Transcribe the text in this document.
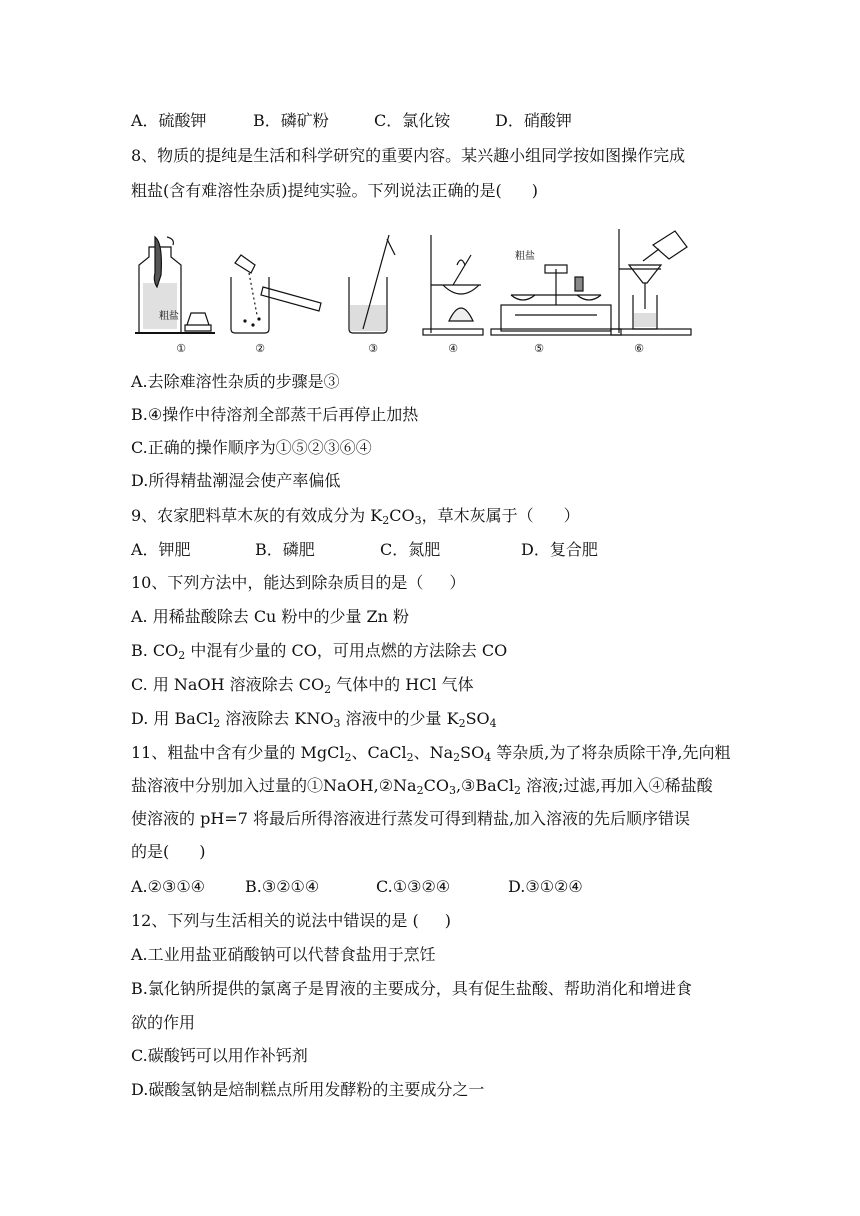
A．硫酸钾	B．磷矿粉	C．氯化铵	D．硝酸钾
8、物质的提纯是生活和科学研究的重要内容。某兴趣小组同学按如图操作完成
粗盐(含有难溶性杂质)提纯实验。下列说法正确的是( )
粗盐
粗盐
①	②	③	④	⑤	⑥
A.去除难溶性杂质的步骤是③
B.④操作中待溶剂全部蒸干后再停止加热
C.正确的操作顺序为①⑤②③⑥④
D.所得精盐潮湿会使产率偏低
9、农家肥料草木灰的有效成分为 $K_2CO_3$，草木灰属于（ ）
A．钾肥	B．磷肥	C．氮肥	D．复合肥
10、下列方法中，能达到除杂质目的是（ ）
A. 用稀盐酸除去 Cu 粉中的少量 Zn 粉
B. $CO_2$ 中混有少量的 CO，可用点燃的方法除去 CO
C. 用 NaOH 溶液除去 $CO_2$ 气体中的 HCl 气体
D. 用 BaCl$_2$ 溶液除去 $KNO_3$ 溶液中的少量 $K_2SO_4$
11、粗盐中含有少量的 MgCl$_2$、CaCl$_2$、$Na_2SO_4$ 等杂质,为了将杂质除干净,先向粗
盐溶液中分别加入过量的$①NaOH,②Na_2CO_3,③BaCl_2$ 溶液;过滤,再加入④稀盐酸
使溶液的 pH=7 将最后所得溶液进行蒸发可得到精盐,加入溶液的先后顺序错误
的是( )
A.②③①④ B.③②①④	C.①③②④	D.③①②④
12、下列与生活相关的说法中错误的是 ( )
A.工业用盐亚硝酸钠可以代替食盐用于烹饪
B.氯化钠所提供的氯离子是胃液的主要成分，具有促生盐酸、帮助消化和增进食
欲的作用
C.碳酸钙可以用作补钙剂
D.碳酸氢钠是焙制糕点所用发酵粉的主要成分之一
